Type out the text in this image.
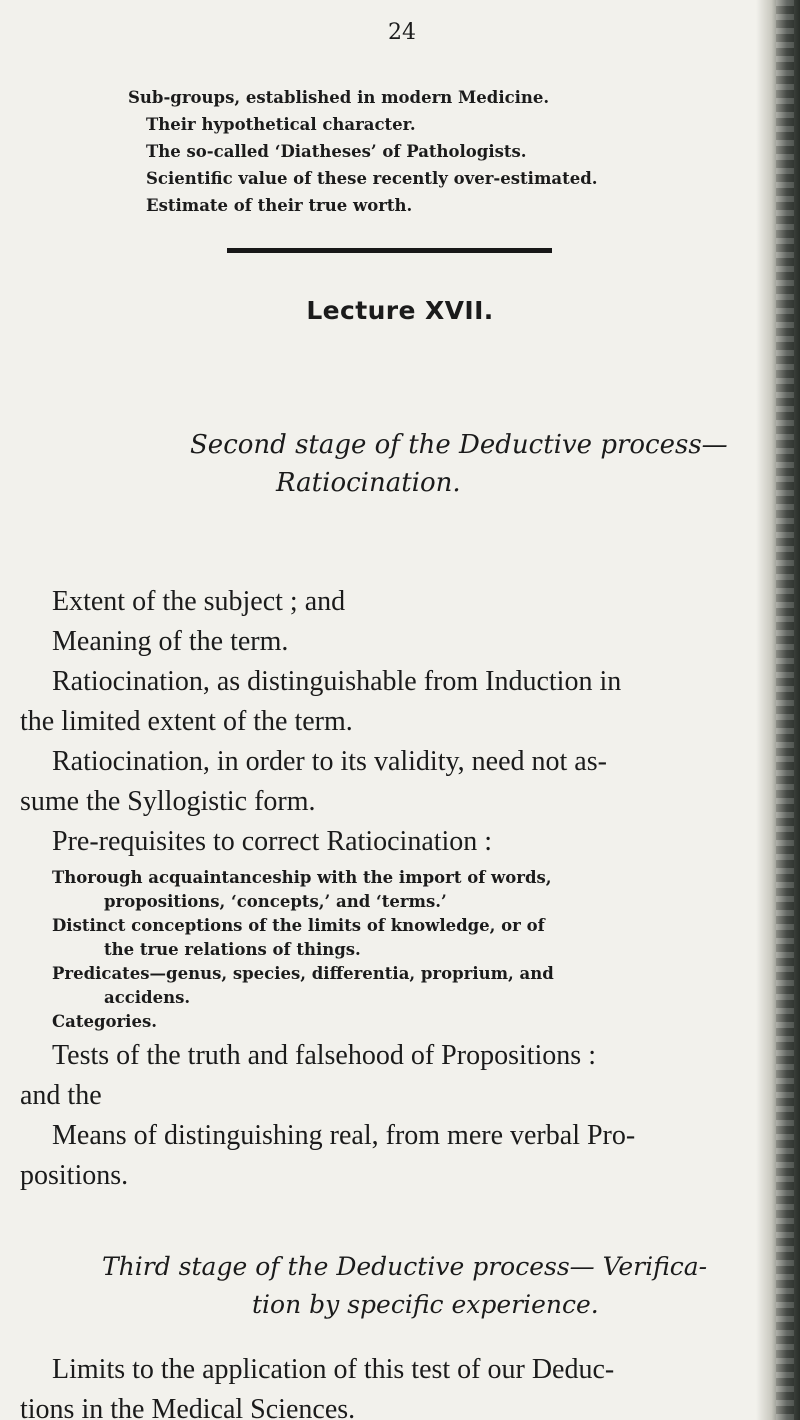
24
Sub-groups, established in modern Medicine.
Their hypothetical character.
The so-called ‘Diatheses’ of Pathologists.
Scientific value of these recently over-estimated.
Estimate of their true worth.
Lecture XVII.
Second stage of the Deductive process—
Ratiocination.
Extent of the subject ; and
Meaning of the term.
Ratiocination, as distinguishable from Induction in
the limited extent of the term.
Ratiocination, in order to its validity, need not as-
sume the Syllogistic form.
Pre-requisites to correct Ratiocination :
Thorough acquaintanceship with the import of words,
propositions, ‘concepts,’ and ‘terms.’
Distinct conceptions of the limits of knowledge, or of
the true relations of things.
Predicates—genus, species, differentia, proprium, and
accidens.
Categories.
Tests of the truth and falsehood of Propositions :
and the
Means of distinguishing real, from mere verbal Pro-
positions.
Third stage of the Deductive process— Verifica-
tion by specific experience.
Limits to the application of this test of our Deduc-
tions in the Medical Sciences.
